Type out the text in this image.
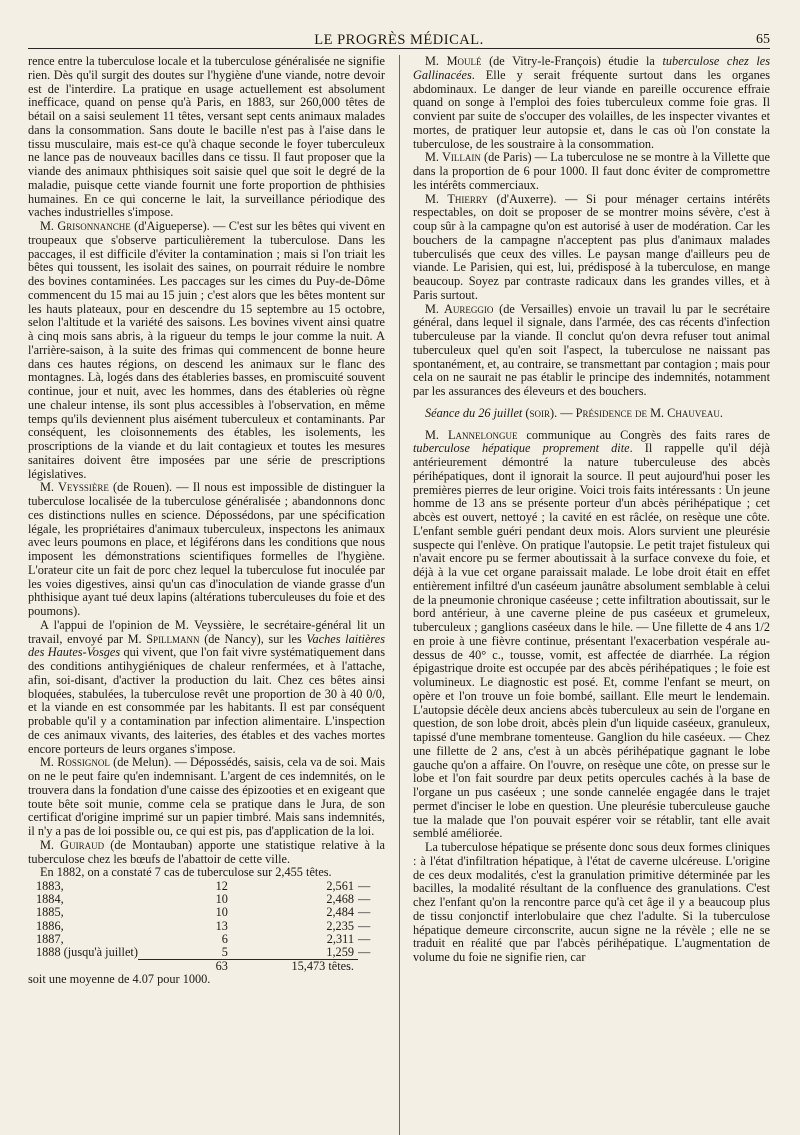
LE PROGRÈS MÉDICAL.	65

rence entre la tuberculose locale et la tuberculose généralisée ne signifie rien. Dès qu'il surgit des doutes sur l'hygiène d'une viande, notre devoir est de l'interdire. La pratique en usage actuellement est absolument inefficace, quand on pense qu'à Paris, en 1883, sur 260,000 têtes de bétail on a saisi seulement 11 têtes, versant sept cents animaux malades dans la consommation. Sans doute le bacille n'est pas à l'aise dans le tissu musculaire, mais est-ce qu'à chaque seconde le foyer tuberculeux ne lance pas de nouveaux bacilles dans ce tissu. Il faut proposer que la viande des animaux phthisiques soit saisie quel que soit le degré de la maladie, puisque cette viande fournit une forte proportion de phthisies humaines. En ce qui concerne le lait, la surveillance périodique des vaches industrielles s'impose.

M. Grisonnanche (d'Aigueperse). — C'est sur les bêtes qui vivent en troupeaux que s'observe particulièrement la tuberculose. Dans les paccages, il est difficile d'éviter la contamination ; mais si l'on triait les bêtes qui toussent, les isolait des saines, on pourrait réduire le nombre des bovines contaminées. Les paccages sur les cimes du Puy-de-Dôme commencent du 15 mai au 15 juin ; c'est alors que les bêtes montent sur les hauts plateaux, pour en descendre du 15 septembre au 15 octobre, selon l'altitude et la variété des saisons. Les bovines vivent ainsi quatre à cinq mois sans abris, à la rigueur du temps le jour comme la nuit. A l'arrière-saison, à la suite des frimas qui commencent de bonne heure dans ces hautes régions, on descend les animaux sur le flanc des montagnes. Là, logés dans des étableries basses, en promiscuité souvent continue, jour et nuit, avec les hommes, dans des étableries où règne une chaleur intense, ils sont plus accessibles à l'observation, en même temps qu'ils deviennent plus aisément tuberculeux et contaminants. Par conséquent, les cloisonnements des étables, les isolements, les proscriptions de la viande et du lait contagieux et toutes les mesures sanitaires doivent être imposées par une série de prescriptions législatives.

M. Veyssière (de Rouen). — Il nous est impossible de distinguer la tuberculose localisée de la tuberculose généralisée ; abandonnons donc ces distinctions nulles en science. Dépossédons, par une spécification légale, les propriétaires d'animaux tuberculeux, inspectons les animaux avec leurs poumons en place, et légiférons dans les conditions que nous imposent les démonstrations scientifiques formelles de l'hygiène. L'orateur cite un fait de porc chez lequel la tuberculose fut inoculée par les voies digestives, ainsi qu'un cas d'inoculation de viande grasse d'un phthisique ayant tué deux lapins (altérations tuberculeuses du foie et des poumons).

A l'appui de l'opinion de M. Veyssière, le secrétaire-général lit un travail, envoyé par M. Spillmann (de Nancy), sur les Vaches laitières des Hautes-Vosges qui vivent, que l'on fait vivre systématiquement dans des conditions antihygiéniques de chaleur renfermées, et à l'attache, afin, soi-disant, d'activer la production du lait. Chez ces bêtes ainsi bloquées, stabulées, la tuberculose revêt une proportion de 30 à 40 0/0, et la viande en est consommée par les habitants. Il est par conséquent probable qu'il y a contamination par infection alimentaire. L'inspection de ces animaux vivants, des laiteries, des étables et des vaches mortes encore porteurs de leurs organes s'impose.

M. Rossignol (de Melun). — Dépossédés, saisis, cela va de soi. Mais on ne le peut faire qu'en indemnisant. L'argent de ces indemnités, on le trouvera dans la fondation d'une caisse des épizooties et en exigeant que toute bête soit munie, comme cela se pratique dans le Jura, de son certificat d'origine imprimé sur un papier timbré. Mais sans indemnités, il n'y a pas de loi possible ou, ce qui est pis, pas d'application de la loi.

M. Guiraud (de Montauban) apporte une statistique relative à la tuberculose chez les bœufs de l'abattoir de cette ville.

En 1882, on a constaté 7 cas de tuberculose sur 2,455 têtes.

1883,	12	2,561	—
1884,	10	2,468	—
1885,	10	2,484	—
1886,	13	2,235	—
1887,	6	2,311	—
1888 (jusqu'à juillet)	5	1,259	—
	63	15,473 têtes.	

soit une moyenne de 4.07 pour 1000.

M. Moulé (de Vitry-le-François) étudie la tuberculose chez les Gallinacées. Elle y serait fréquente surtout dans les organes abdominaux. Le danger de leur viande en pareille occurence effraie quand on songe à l'emploi des foies tuberculeux comme foie gras. Il convient par suite de s'occuper des volailles, de les inspecter vivantes et mortes, de pratiquer leur autopsie et, dans le cas où l'on constate la tuberculose, de les soustraire à la consommation.

M. Villain (de Paris) — La tuberculose ne se montre à la Villette que dans la proportion de 6 pour 1000. Il faut donc éviter de compromettre les intérêts commerciaux.

M. Thierry (d'Auxerre). — Si pour ménager certains intérêts respectables, on doit se proposer de se montrer moins sévère, c'est à coup sûr à la campagne qu'on est autorisé à user de modération. Car les bouchers de la campagne n'acceptent pas plus d'animaux malades tuberculisés que ceux des villes. Le paysan mange d'ailleurs peu de viande. Le Parisien, qui est, lui, prédisposé à la tuberculose, en mange beaucoup. Soyez par contraste radicaux dans les grandes villes, et à Paris surtout.

M. Aureggio (de Versailles) envoie un travail lu par le secrétaire général, dans lequel il signale, dans l'armée, des cas récents d'infection tuberculeuse par la viande. Il conclut qu'on devra refuser tout animal tuberculeux quel qu'en soit l'aspect, la tuberculose ne naissant pas spontanément, et, au contraire, se transmettant par contagion ; mais pour cela on ne saurait ne pas établir le principe des indemnités, notamment par les assurances des éleveurs et des bouchers.

Séance du 26 juillet (soir). — Présidence de M. Chauveau.

M. Lannelongue communique au Congrès des faits rares de tuberculose hépatique proprement dite. Il rappelle qu'il déjà antérieurement démontré la nature tuberculeuse des abcès périhépatiques, dont il ignorait la source. Il peut aujourd'hui poser les premières pierres de leur origine. Voici trois faits intéressants : Un jeune homme de 13 ans se présente porteur d'un abcès périhépatique ; cet abcès est ouvert, nettoyé ; la cavité en est râclée, on resèque une côte. L'enfant semble guéri pendant deux mois. Alors survient une pleurésie suspecte qui l'enlève. On pratique l'autopsie. Le petit trajet fistuleux qui n'avait encore pu se fermer aboutissait à la surface convexe du foie, et déjà à la vue cet organe paraissait malade. Le lobe droit était en effet entièrement infiltré d'un caséeum jaunâtre absolument semblable à celui de la pneumonie chronique caséeuse ; cette infiltration aboutissait, sur le bord antérieur, à une caverne pleine de pus caséeux et grumeleux, tuberculeux ; ganglions caséeux dans le hile. — Une fillette de 4 ans 1/2 en proie à une fièvre continue, présentant l'exacerbation vespérale au-dessus de 40° c., tousse, vomit, est affectée de diarrhée. La région épigastrique droite est occupée par des abcès périhépatiques ; le foie est volumineux. Le diagnostic est posé. Et, comme l'enfant se meurt, on opère et l'on trouve un foie bombé, saillant. Elle meurt le lendemain. L'autopsie décèle deux anciens abcès tuberculeux au sein de l'organe en question, de son lobe droit, abcès plein d'un liquide caséeux, granuleux, tapissé d'une membrane tomenteuse. Ganglion du hile caséeux. — Chez une fillette de 2 ans, c'est à un abcès périhépatique gagnant le lobe gauche qu'on a affaire. On l'ouvre, on resèque une côte, on presse sur le lobe et l'on fait sourdre par deux petits opercules cachés à la base de l'organe un pus caséeux ; une sonde cannelée engagée dans le trajet permet d'inciser le lobe en question. Une pleurésie tuberculeuse gauche tue la malade que l'on pouvait espérer voir se rétablir, tant elle avait semblé améliorée.

La tuberculose hépatique se présente donc sous deux formes cliniques : à l'état d'infiltration hépatique, à l'état de caverne ulcéreuse. L'origine de ces deux modalités, c'est la granulation primitive déterminée par les bacilles, la modalité résultant de la confluence des granulations. C'est chez l'enfant qu'on la rencontre parce qu'à cet âge il y a beaucoup plus de tissu conjonctif interlobulaire que chez l'adulte. Si la tuberculose hépatique demeure circonscrite, aucun signe ne la révèle ; elle ne se traduit en réalité que par l'abcès périhépatique. L'augmentation de volume du foie ne signifie rien, car
